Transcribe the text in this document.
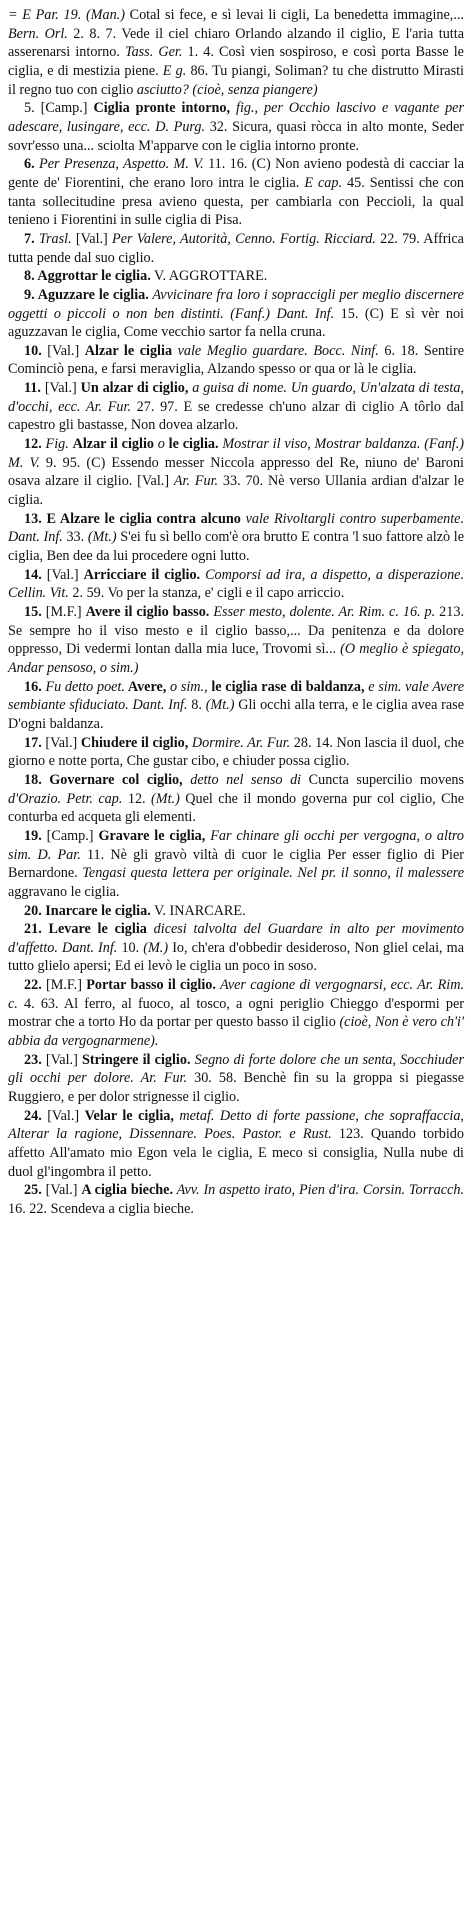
= E Par. 19. (Man.) Cotal si fece, e sì levai li cigli, La benedetta immagine,... Bern. Orl. 2. 8. 7. Vede il ciel chiaro Orlando alzando il ciglio, E l'aria tutta asserenarsi intorno. Tass. Ger. 1. 4. Così vien sospiroso, e così porta Basse le ciglia, e di mestizia piene. E g. 86. Tu piangi, Soliman? tu che distrutto Mirasti il regno tuo con ciglio asciutto? (cioè, senza piangere)

5. [Camp.] Ciglia pronte intorno, fig., per Occhio lascivo e vagante per adescare, lusingare, ecc. D. Purg. 32. Sicura, quasi ròcca in alto monte, Seder sovr'esso una... sciolta M'apparve con le ciglia intorno pronte.

6. Per Presenza, Aspetto. M. V. 11. 16. (C) Non avieno podestà di cacciar la gente de' Fiorentini, che erano loro intra le ciglia. E cap. 45. Sentissi che con tanta sollecitudine presa avieno questa, per cambiarla con Peccioli, la qual tenieno i Fiorentini in sulle ciglia di Pisa.

7. Trasl. [Val.] Per Valere, Autorità, Cenno. Fortig. Ricciard. 22. 79. Affrica tutta pende dal suo ciglio.

8. Aggrottar le ciglia. V. AGGROTTARE.

9. Aguzzare le ciglia. Avvicinare fra loro i sopraccigli per meglio discernere oggetti o piccoli o non ben distinti. (Fanf.) Dant. Inf. 15. (C) E sì vèr noi aguzzavan le ciglia, Come vecchio sartor fa nella cruna.

10. [Val.] Alzar le ciglia vale Meglio guardare. Bocc. Ninf. 6. 18. Sentire Cominciò pena, e farsi meraviglia, Alzando spesso or qua or là le ciglia.

11. [Val.] Un alzar di ciglio, a guisa di nome. Un guardo, Un'alzata di testa, d'occhi, ecc. Ar. Fur. 27. 97. E se credesse ch'uno alzar di ciglio A tôrlo dal capestro gli bastasse, Non dovea alzarlo.

12. Fig. Alzar il ciglio o le ciglia. Mostrar il viso, Mostrar baldanza. (Fanf.) M. V. 9. 95. (C) Essendo messer Niccola appresso del Re, niuno de' Baroni osava alzare il ciglio. [Val.] Ar. Fur. 33. 70. Nè verso Ullania ardian d'alzar le ciglia.

13. E Alzare le ciglia contra alcuno vale Rivoltargli contro superbamente. Dant. Inf. 33. (Mt.) S'ei fu sì bello com'è ora brutto E contra 'l suo fattore alzò le ciglia, Ben dee da lui procedere ogni lutto.

14. [Val.] Arricciare il ciglio. Comporsi ad ira, a dispetto, a disperazione. Cellin. Vit. 2. 59. Vo per la stanza, e' cigli e il capo arriccio.

15. [M.F.] Avere il ciglio basso. Esser mesto, dolente. Ar. Rim. c. 16. p. 213. Se sempre ho il viso mesto e il ciglio basso,... Da penitenza e da dolore oppresso, Di vedermi lontan dalla mia luce, Trovomi sì... (O meglio è spiegato, Andar pensoso, o sim.)

16. Fu detto poet. Avere, o sim., le ciglia rase di baldanza, e sim. vale Avere sembiante sfiduciato. Dant. Inf. 8. (Mt.) Gli occhi alla terra, e le ciglia avea rase D'ogni baldanza.

17. [Val.] Chiudere il ciglio, Dormire. Ar. Fur. 28. 14. Non lascia il duol, che giorno e notte porta, Che gustar cibo, e chiuder possa ciglio.

18. Governare col ciglio, detto nel senso di Cuncta supercilio movens d'Orazio. Petr. cap. 12. (Mt.) Quel che il mondo governa pur col ciglio, Che conturba ed acqueta gli elementi.

19. [Camp.] Gravare le ciglia, Far chinare gli occhi per vergogna, o altro sim. D. Par. 11. Nè gli gravò viltà di cuor le ciglia Per esser figlio di Pier Bernardone. Tengasi questa lettera per originale. Nel pr. il sonno, il malessere aggravano le ciglia.

20. Inarcare le ciglia. V. INARCARE.

21. Levare le ciglia dicesi talvolta del Guardare in alto per movimento d'affetto. Dant. Inf. 10. (M.) Io, ch'era d'obbedir desideroso, Non gliel celai, ma tutto glielo apersi; Ed ei levò le ciglia un poco in soso.

22. [M.F.] Portar basso il ciglio. Aver cagione di vergognarsi, ecc. Ar. Rim. c. 4. 63. Al ferro, al fuoco, al tosco, a ogni periglio Chieggo d'espormi per mostrar che a torto Ho da portar per questo basso il ciglio (cioè, Non è vero ch'i' abbia da vergognarmene).

23. [Val.] Stringere il ciglio. Segno di forte dolore che un senta, Socchiuder gli occhi per dolore. Ar. Fur. 30. 58. Benchè fin su la groppa si piegasse Ruggiero, e per dolor strignesse il ciglio.

24. [Val.] Velar le ciglia, metaf. Detto di forte passione, che sopraffaccia, Alterar la ragione, Dissennare. Poes. Pastor. e Rust. 123. Quando torbido affetto All'amato mio Egon vela le ciglia, E meco si consiglia, Nulla nube di duol gl'ingombra il petto.

25. [Val.] A ciglia bieche. Avv. In aspetto irato, Pien d'ira. Corsin. Torracch. 16. 22. Scendeva a ciglia bieche.
